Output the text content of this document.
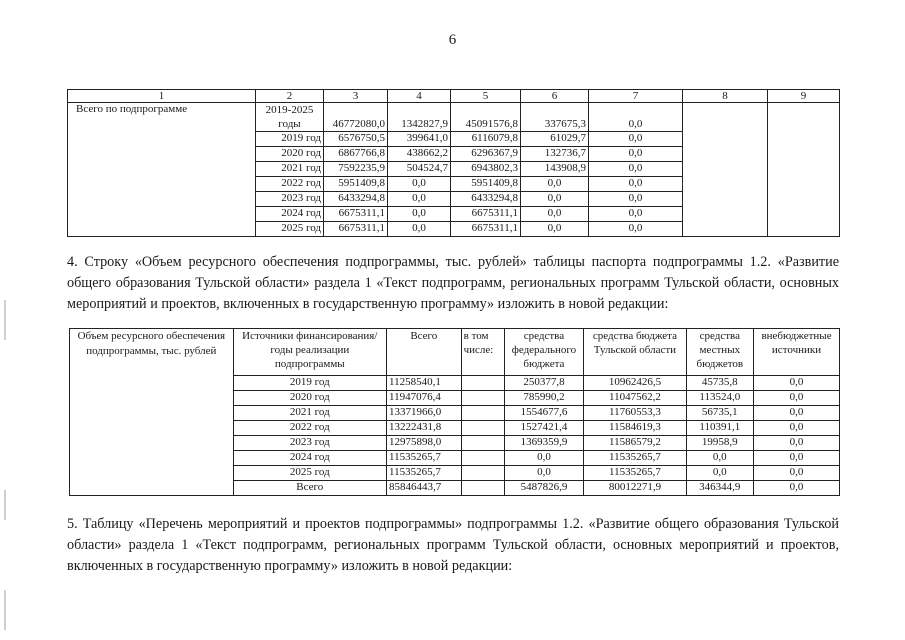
6
1	2	3	4	5	6	7	8	9
Всего по подпрограмме	2019-2025 годы	46772080,0	1342827,9	45091576,8	337675,3	0,0		
	2019 год	6576750,5	399641,0	6116079,8	61029,7	0,0		
	2020 год	6867766,8	438662,2	6296367,9	132736,7	0,0		
	2021 год	7592235,9	504524,7	6943802,3	143908,9	0,0		
	2022 год	5951409,8	0,0	5951409,8	0,0	0,0		
	2023 год	6433294,8	0,0	6433294,8	0,0	0,0		
	2024 год	6675311,1	0,0	6675311,1	0,0	0,0		
	2025 год	6675311,1	0,0	6675311,1	0,0	0,0		

4. Строку «Объем ресурсного обеспечения подпрограммы, тыс. рублей» таблицы паспорта подпрограммы 1.2. «Развитие общего образования Тульской области» раздела 1 «Текст подпрограмм, региональных программ Тульской области, основных мероприятий и проектов, включенных в государственную программу» изложить в новой редакции:

Объем ресурсного обеспечения подпрограммы, тыс. рублей	Источники финансирования/годы реализации подпрограммы	Всего	в том числе:	средства федерального бюджета	средства бюджета Тульской области	средства местных бюджетов	внебюджетные источники
	2019 год	11258540,1		250377,8	10962426,5	45735,8	0,0
	2020 год	11947076,4		785990,2	11047562,2	113524,0	0,0
	2021 год	13371966,0		1554677,6	11760553,3	56735,1	0,0
	2022 год	13222431,8		1527421,4	11584619,3	110391,1	0,0
	2023 год	12975898,0		1369359,9	11586579,2	19958,9	0,0
	2024 год	11535265,7		0,0	11535265,7	0,0	0,0
	2025 год	11535265,7		0,0	11535265,7	0,0	0,0
	Всего	85846443,7		5487826,9	80012271,9	346344,9	0,0

5. Таблицу «Перечень мероприятий и проектов подпрограммы» подпрограммы 1.2. «Развитие общего образования Тульской области» раздела 1 «Текст подпрограмм, региональных программ Тульской области, основных мероприятий и проектов, включенных в государственную программу» изложить в новой редакции:
